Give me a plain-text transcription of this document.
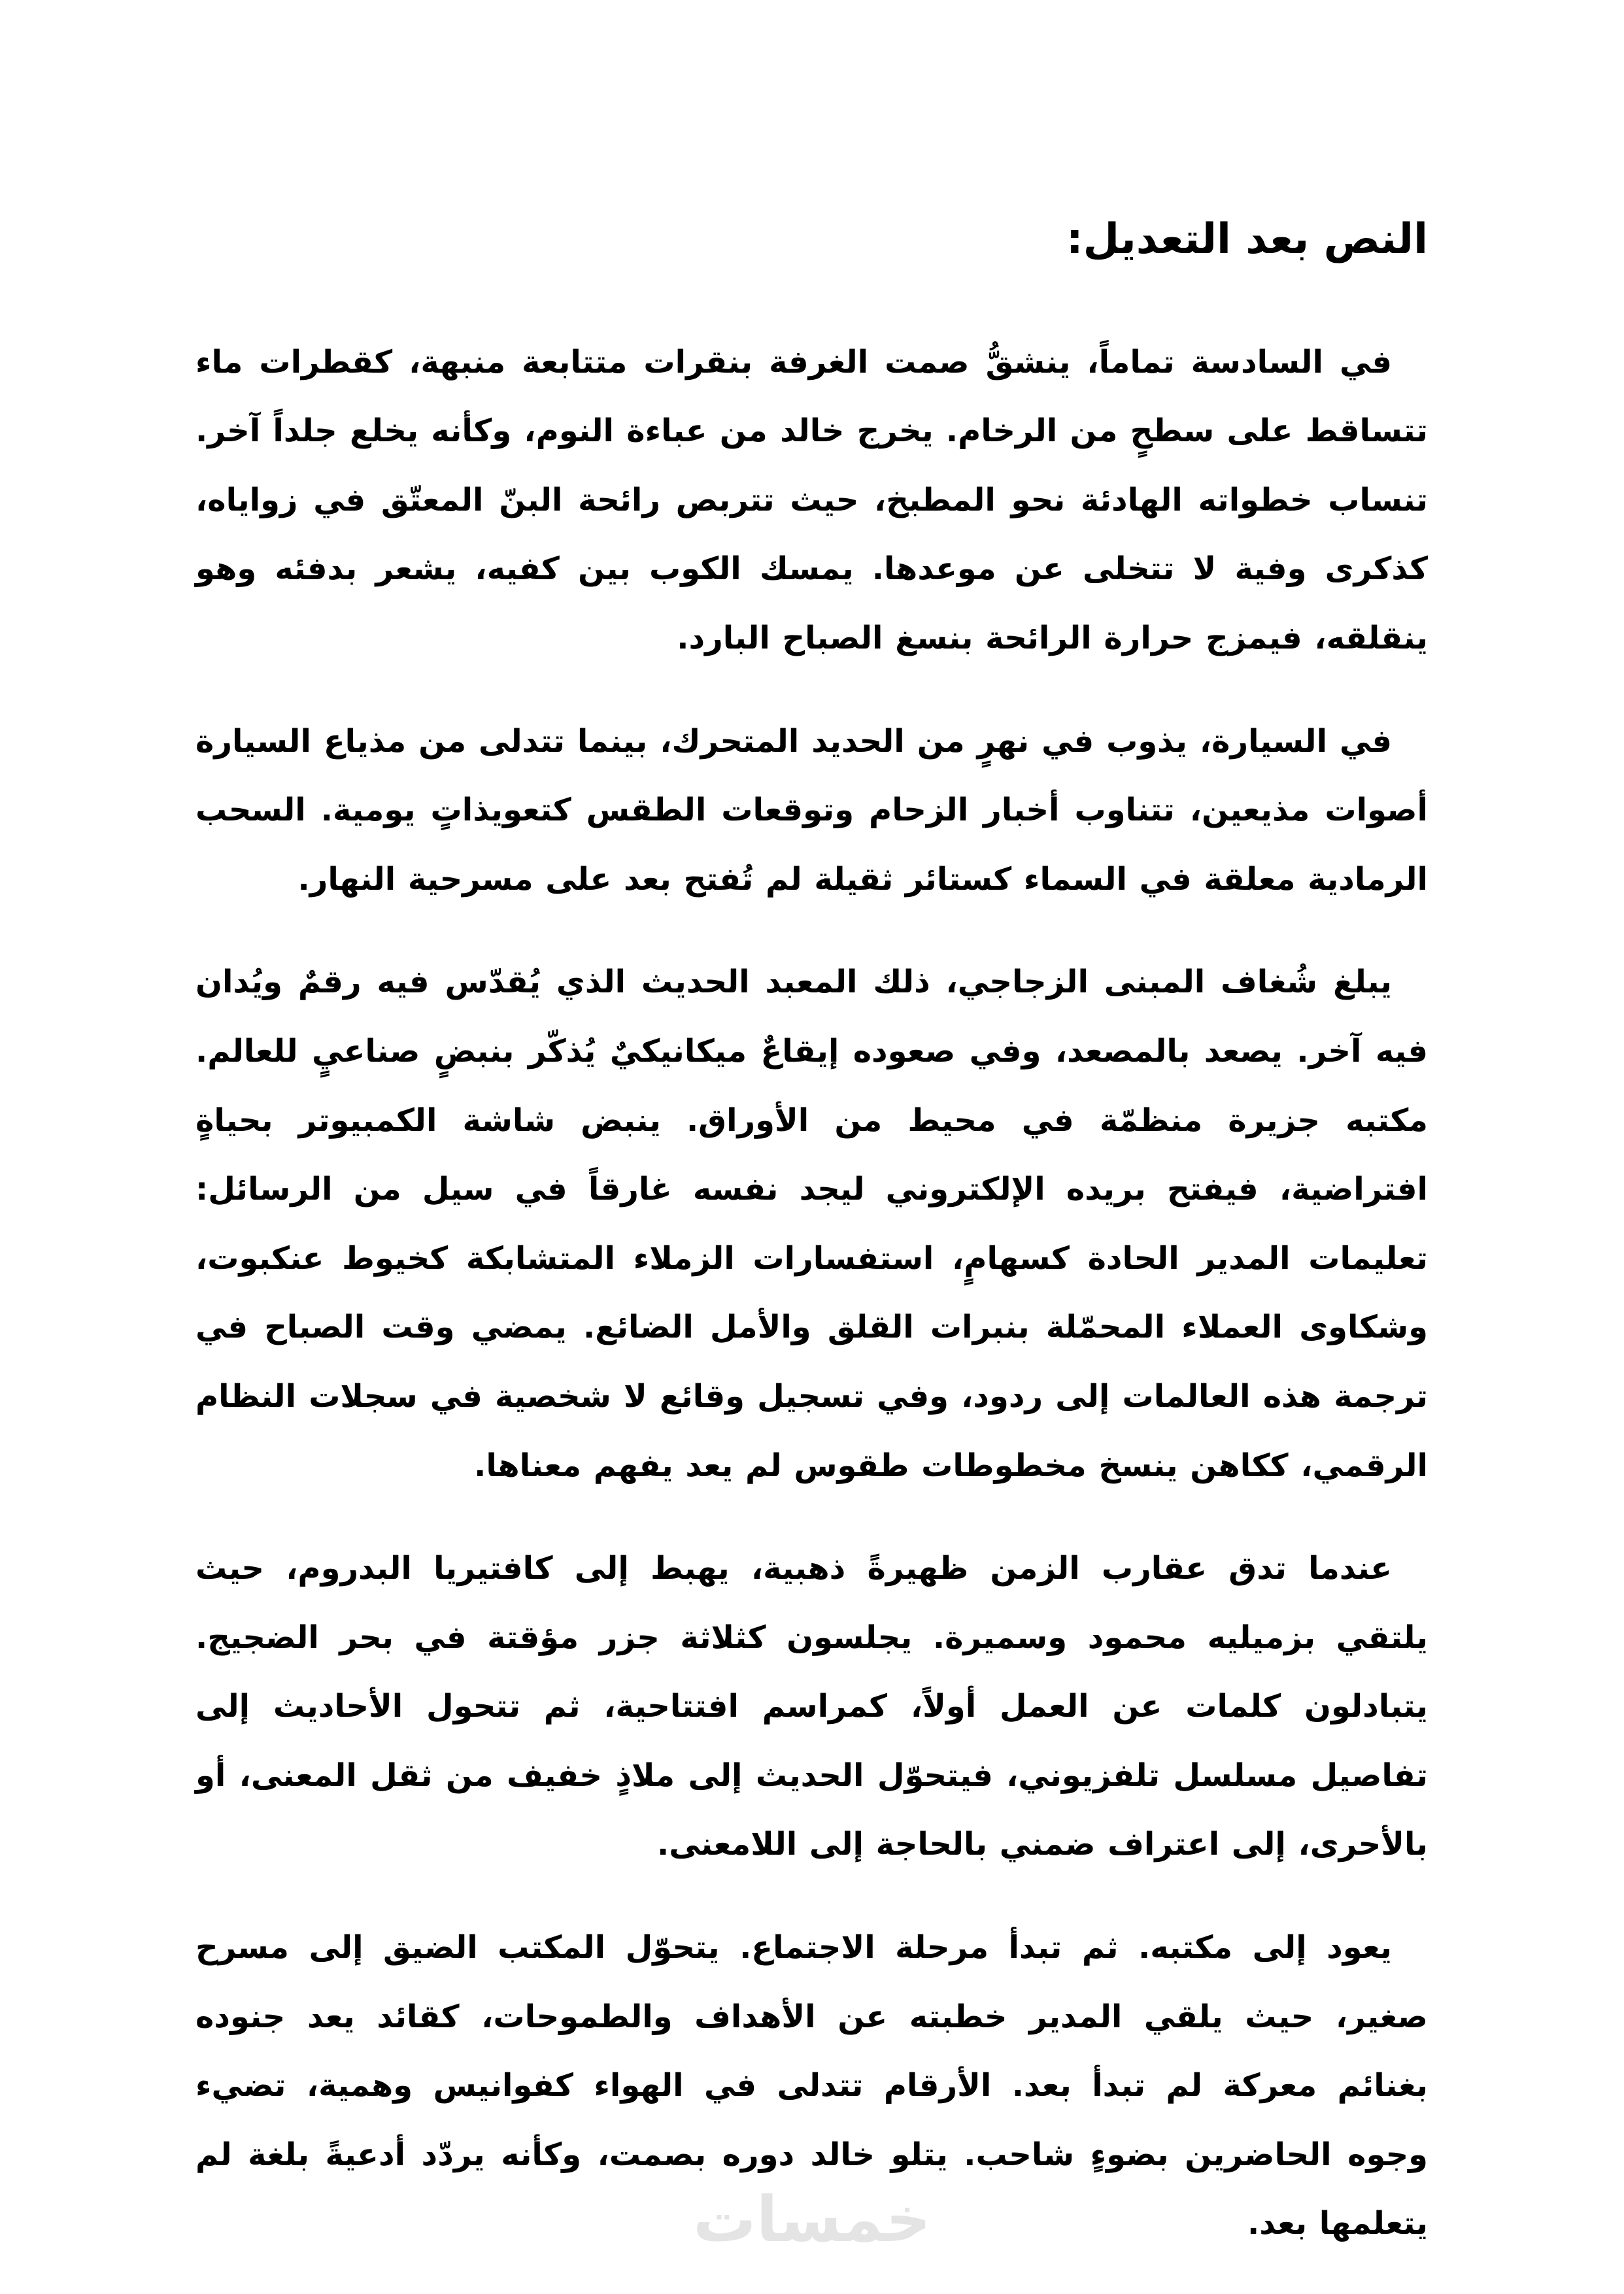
النص بعد التعديل:

في السادسة تماماً، ينشقُّ صمت الغرفة بنقرات متتابعة منبهة، كقطرات ماء تتساقط على سطحٍ من الرخام. يخرج خالد من عباءة النوم، وكأنه يخلع جلداً آخر. تنساب خطواته الهادئة نحو المطبخ، حيث تتربص رائحة البنّ المعتّق في زواياه، كذكرى وفية لا تتخلى عن موعدها. يمسك الكوب بين كفيه، يشعر بدفئه وهو ينقلقه، فيمزج حرارة الرائحة بنسغ الصباح البارد.

في السيارة، يذوب في نهرٍ من الحديد المتحرك، بينما تتدلى من مذياع السيارة أصوات مذيعين، تتناوب أخبار الزحام وتوقعات الطقس كتعويذاتٍ يومية. السحب الرمادية معلقة في السماء كستائر ثقيلة لم تُفتح بعد على مسرحية النهار.

يبلغ شُغاف المبنى الزجاجي، ذلك المعبد الحديث الذي يُقدّس فيه رقمٌ ويُدان فيه آخر. يصعد بالمصعد، وفي صعوده إيقاعٌ ميكانيكيٌ يُذكّر بنبضٍ صناعيٍ للعالم. مكتبه جزيرة منظمّة في محيط من الأوراق. ينبض شاشة الكمبيوتر بحياةٍ افتراضية، فيفتح بريده الإلكتروني ليجد نفسه غارقاً في سيل من الرسائل: تعليمات المدير الحادة كسهامٍ، استفسارات الزملاء المتشابكة كخيوط عنكبوت، وشكاوى العملاء المحمّلة بنبرات القلق والأمل الضائع. يمضي وقت الصباح في ترجمة هذه العالمات إلى ردود، وفي تسجيل وقائع لا شخصية في سجلات النظام الرقمي، ككاهن ينسخ مخطوطات طقوس لم يعد يفهم معناها.

عندما تدق عقارب الزمن ظهيرةً ذهبية، يهبط إلى كافتيريا البدروم، حيث يلتقي بزميليه محمود وسميرة. يجلسون كثلاثة جزر مؤقتة في بحر الضجيج. يتبادلون كلمات عن العمل أولاً، كمراسم افتتاحية، ثم تتحول الأحاديث إلى تفاصيل مسلسل تلفزيوني، فيتحوّل الحديث إلى ملاذٍ خفيف من ثقل المعنى، أو بالأحرى، إلى اعتراف ضمني بالحاجة إلى اللامعنى.

يعود إلى مكتبه. ثم تبدأ مرحلة الاجتماع. يتحوّل المكتب الضيق إلى مسرح صغير، حيث يلقي المدير خطبته عن الأهداف والطموحات، كقائد يعد جنوده بغنائم معركة لم تبدأ بعد. الأرقام تتدلى في الهواء كفوانيس وهمية، تضيء وجوه الحاضرين بضوءٍ شاحب. يتلو خالد دوره بصمت، وكأنه يردّد أدعيةً بلغة لم يتعلمها بعد.

خمسات
